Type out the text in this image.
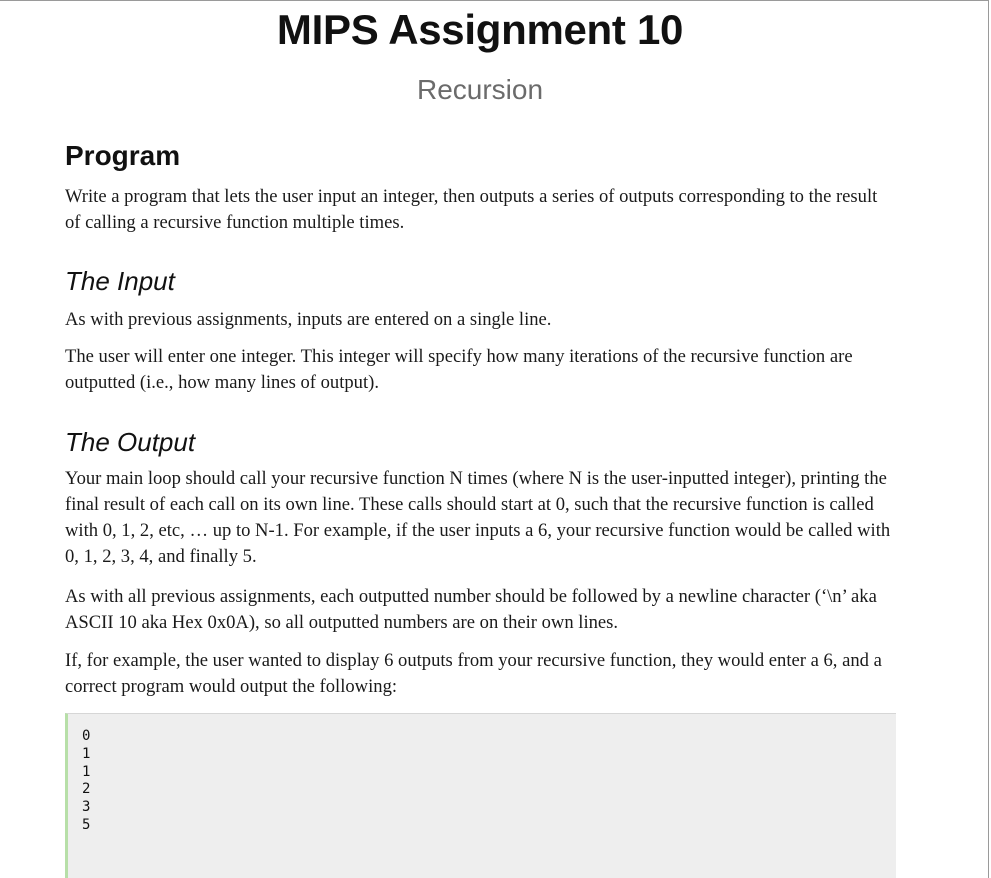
MIPS Assignment 10
Recursion
Program

Write a program that lets the user input an integer, then outputs a series of outputs corresponding to the result of calling a recursive function multiple times.

The Input

As with previous assignments, inputs are entered on a single line.

The user will enter one integer. This integer will specify how many iterations of the recursive function are outputted (i.e., how many lines of output).

The Output

Your main loop should call your recursive function N times (where N is the user-inputted integer), printing the final result of each call on its own line. These calls should start at 0, such that the recursive function is called with 0, 1, 2, etc, … up to N-1. For example, if the user inputs a 6, your recursive function would be called with 0, 1, 2, 3, 4, and finally 5.

As with all previous assignments, each outputted number should be followed by a newline character (‘\n’ aka ASCII 10 aka Hex 0x0A), so all outputted numbers are on their own lines.

If, for example, the user wanted to display 6 outputs from your recursive function, they would enter a 6, and a correct program would output the following:

0
1
1
2
3
5
